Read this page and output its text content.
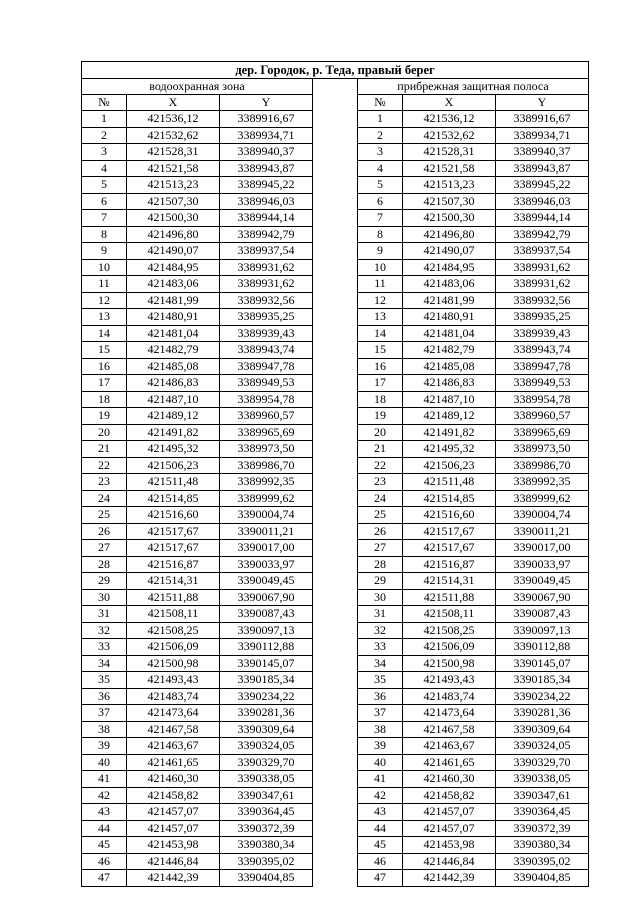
дер. Городок, р. Теда, правый берег						
водоохранная зона				прибрежная защитная полоса		
№	X	Y		№	X	Y
1	421536,12	3389916,67		1	421536,12	3389916,67
2	421532,62	3389934,71		2	421532,62	3389934,71
3	421528,31	3389940,37		3	421528,31	3389940,37
4	421521,58	3389943,87		4	421521,58	3389943,87
5	421513,23	3389945,22		5	421513,23	3389945,22
6	421507,30	3389946,03		6	421507,30	3389946,03
7	421500,30	3389944,14		7	421500,30	3389944,14
8	421496,80	3389942,79		8	421496,80	3389942,79
9	421490,07	3389937,54		9	421490,07	3389937,54
10	421484,95	3389931,62		10	421484,95	3389931,62
11	421483,06	3389931,62		11	421483,06	3389931,62
12	421481,99	3389932,56		12	421481,99	3389932,56
13	421480,91	3389935,25		13	421480,91	3389935,25
14	421481,04	3389939,43		14	421481,04	3389939,43
15	421482,79	3389943,74		15	421482,79	3389943,74
16	421485,08	3389947,78		16	421485,08	3389947,78
17	421486,83	3389949,53		17	421486,83	3389949,53
18	421487,10	3389954,78		18	421487,10	3389954,78
19	421489,12	3389960,57		19	421489,12	3389960,57
20	421491,82	3389965,69		20	421491,82	3389965,69
21	421495,32	3389973,50		21	421495,32	3389973,50
22	421506,23	3389986,70		22	421506,23	3389986,70
23	421511,48	3389992,35		23	421511,48	3389992,35
24	421514,85	3389999,62		24	421514,85	3389999,62
25	421516,60	3390004,74		25	421516,60	3390004,74
26	421517,67	3390011,21		26	421517,67	3390011,21
27	421517,67	3390017,00		27	421517,67	3390017,00
28	421516,87	3390033,97		28	421516,87	3390033,97
29	421514,31	3390049,45		29	421514,31	3390049,45
30	421511,88	3390067,90		30	421511,88	3390067,90
31	421508,11	3390087,43		31	421508,11	3390087,43
32	421508,25	3390097,13		32	421508,25	3390097,13
33	421506,09	3390112,88		33	421506,09	3390112,88
34	421500,98	3390145,07		34	421500,98	3390145,07
35	421493,43	3390185,34		35	421493,43	3390185,34
36	421483,74	3390234,22		36	421483,74	3390234,22
37	421473,64	3390281,36		37	421473,64	3390281,36
38	421467,58	3390309,64		38	421467,58	3390309,64
39	421463,67	3390324,05		39	421463,67	3390324,05
40	421461,65	3390329,70		40	421461,65	3390329,70
41	421460,30	3390338,05		41	421460,30	3390338,05
42	421458,82	3390347,61		42	421458,82	3390347,61
43	421457,07	3390364,45		43	421457,07	3390364,45
44	421457,07	3390372,39		44	421457,07	3390372,39
45	421453,98	3390380,34		45	421453,98	3390380,34
46	421446,84	3390395,02		46	421446,84	3390395,02
47	421442,39	3390404,85		47	421442,39	3390404,85
